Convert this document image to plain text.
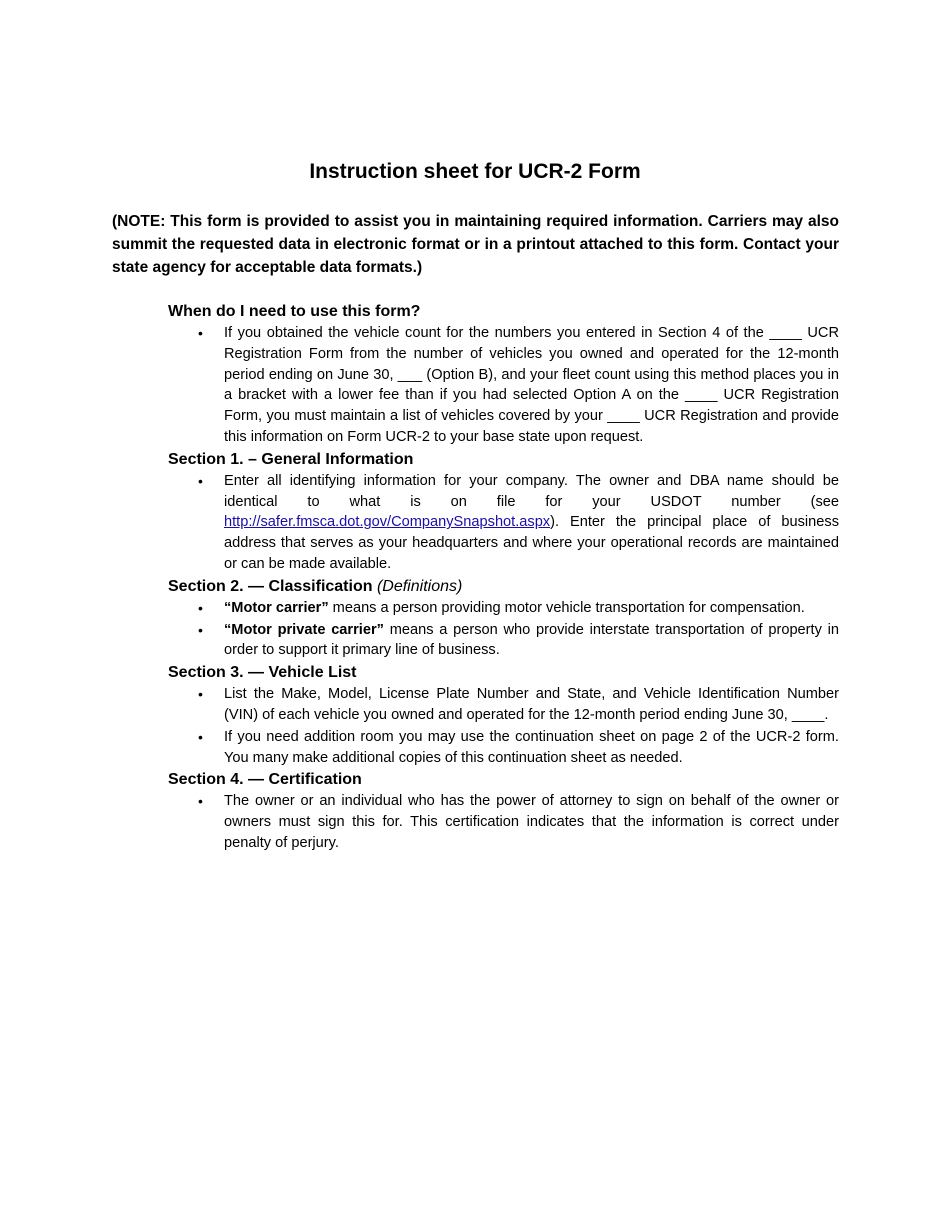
Instruction sheet for UCR-2 Form
(NOTE: This form is provided to assist you in maintaining required information. Carriers may also summit the requested data in electronic format or in a printout attached to this form. Contact your state agency for acceptable data formats.)
When do I need to use this form?
• If you obtained the vehicle count for the numbers you entered in Section 4 of the ____ UCR Registration Form from the number of vehicles you owned and operated for the 12-month period ending on June 30, ___ (Option B), and your fleet count using this method places you in a bracket with a lower fee than if you had selected Option A on the ____ UCR Registration Form, you must maintain a list of vehicles covered by your ____ UCR Registration and provide this information on Form UCR-2 to your base state upon request.
Section 1. – General Information
• Enter all identifying information for your company. The owner and DBA name should be identical to what is on file for your USDOT number (see http://safer.fmsca.dot.gov/CompanySnapshot.aspx). Enter the principal place of business address that serves as your headquarters and where your operational records are maintained or can be made available.
Section 2. — Classification (Definitions)
• “Motor carrier” means a person providing motor vehicle transportation for compensation.
• “Motor private carrier” means a person who provide interstate transportation of property in order to support it primary line of business.
Section 3. — Vehicle List
• List the Make, Model, License Plate Number and State, and Vehicle Identification Number (VIN) of each vehicle you owned and operated for the 12-month period ending June 30, ____.
• If you need addition room you may use the continuation sheet on page 2 of the UCR-2 form. You many make additional copies of this continuation sheet as needed.
Section 4. — Certification
• The owner or an individual who has the power of attorney to sign on behalf of the owner or owners must sign this for. This certification indicates that the information is correct under penalty of perjury.
